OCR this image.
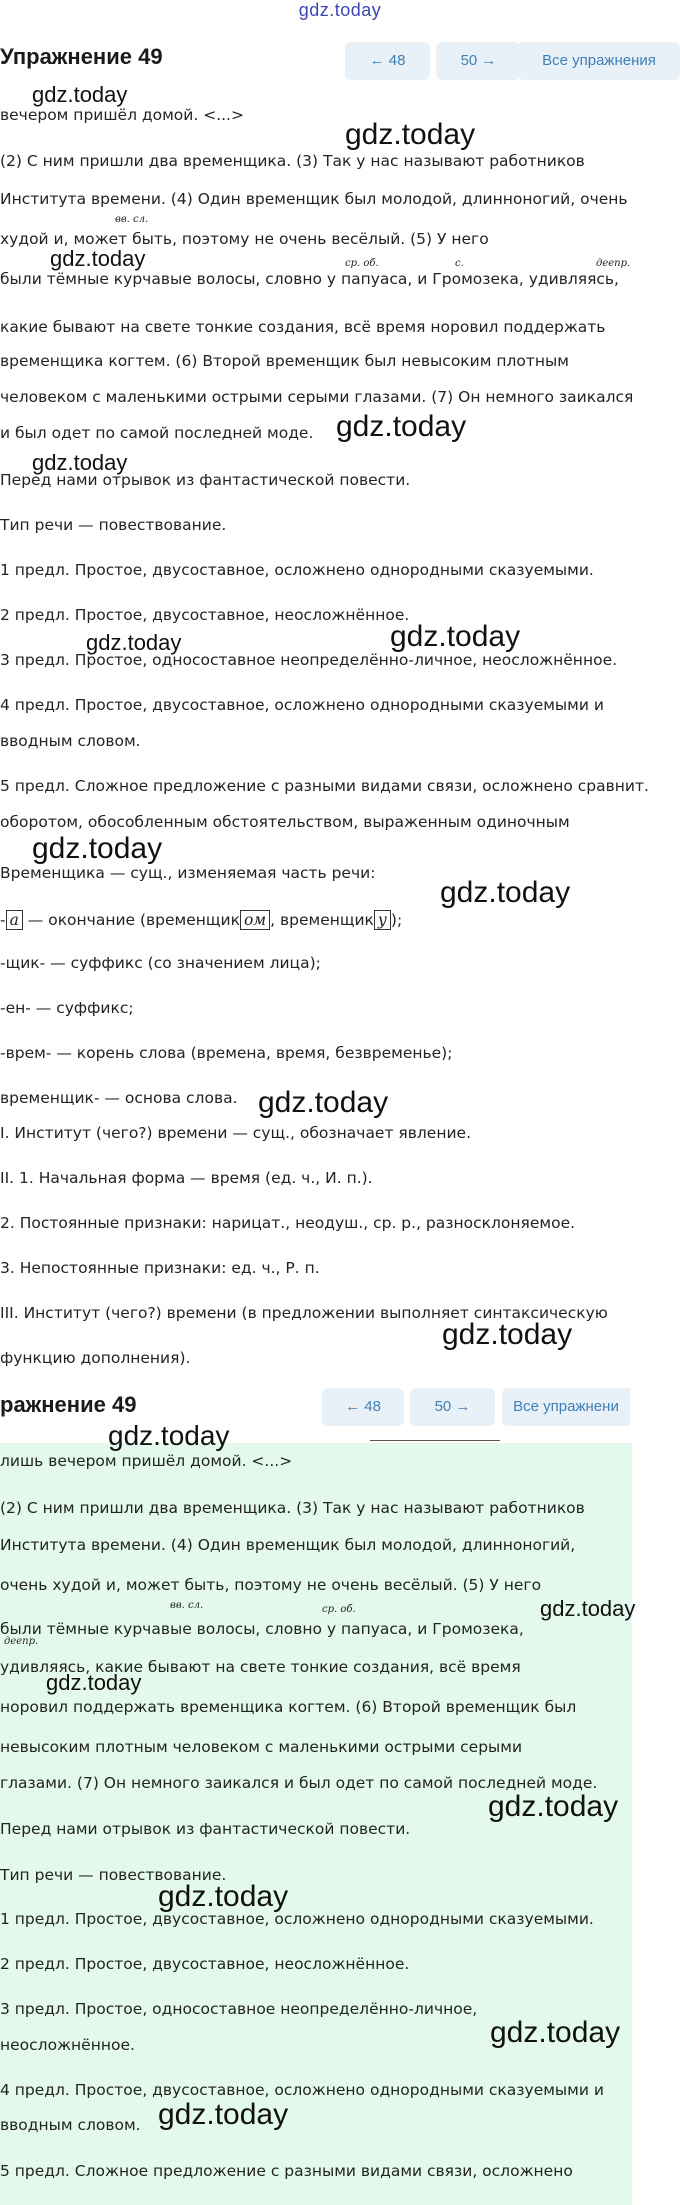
gdz.today
Упражнение 49	← 48	50 →	Все упражнения
вечером пришёл домой. <...>
(2) С ним пришли два временщика. (3) Так у нас называют работников
Института времени. (4) Один временщик был молодой, длинноногий, очень
худой и, может быть, поэтому не очень весёлый. (5) У него
были тёмные курчавые волосы, словно у папуаса, и Громозека, удивляясь,
какие бывают на свете тонкие создания, всё время норовил поддержать
временщика когтем. (6) Второй временщик был невысоким плотным
человеком с маленькими острыми серыми глазами. (7) Он немного заикался
и был одет по самой последней моде.
Перед нами отрывок из фантастической повести.
Тип речи — повествование.
1 предл. Простое, двусоставное, осложнено однородными сказуемыми.
2 предл. Простое, двусоставное, неосложнённое.
3 предл. Простое, односоставное неопределённо-личное, неосложнённое.
4 предл. Простое, двусоставное, осложнено однородными сказуемыми и
вводным словом.
5 предл. Сложное предложение с разными видами связи, осложнено сравнит.
оборотом, обособленным обстоятельством, выраженным одиночным
Временщика — сущ., изменяемая часть речи:
- а — окончание (временщик ом , временщик у );
-щик- — суффикс (со значением лица);
-ен- — суффикс;
-врем- — корень слова (времена, время, безвременье);
временщик- — основа слова.
I. Институт (чего?) времени — сущ., обозначает явление.
II. 1. Начальная форма — время (ед. ч., И. п.).
2. Постоянные признаки: нарицат., неодуш., ср. р., разносклоняемое.
3. Непостоянные признаки: ед. ч., Р. п.
III. Институт (чего?) времени (в предложении выполняет синтаксическую
функцию дополнения).
вв. сл.
ср. об.	с.	деепр.
ражнение 49	← 48	50 →	Все упражнени
лишь вечером пришёл домой. <...>
(2) С ним пришли два временщика. (3) Так у нас называют работников
Института времени. (4) Один временщик был молодой, длинноногий,
очень худой и, может быть, поэтому не очень весёлый. (5) У него
были тёмные курчавые волосы, словно у папуаса, и Громозека,
удивляясь, какие бывают на свете тонкие создания, всё время
норовил поддержать временщика когтем. (6) Второй временщик был
невысоким плотным человеком с маленькими острыми серыми
глазами. (7) Он немного заикался и был одет по самой последней моде.
Перед нами отрывок из фантастической повести.
Тип речи — повествование.
1 предл. Простое, двусоставное, осложнено однородными сказуемыми.
2 предл. Простое, двусоставное, неосложнённое.
3 предл. Простое, односоставное неопределённо-личное,
неосложнённое.
4 предл. Простое, двусоставное, осложнено однородными сказуемыми и
вводным словом.
5 предл. Сложное предложение с разными видами связи, осложнено
вв. сл.	ср. об.
деепр.
gdz.today
gdz.today
gdz.today
gdz.today
gdz.today
gdz.today
gdz.today
gdz.today
gdz.today
gdz.today
gdz.today
gdz.today
gdz.today
gdz.today
gdz.today
gdz.today
gdz.today
gdz.today
